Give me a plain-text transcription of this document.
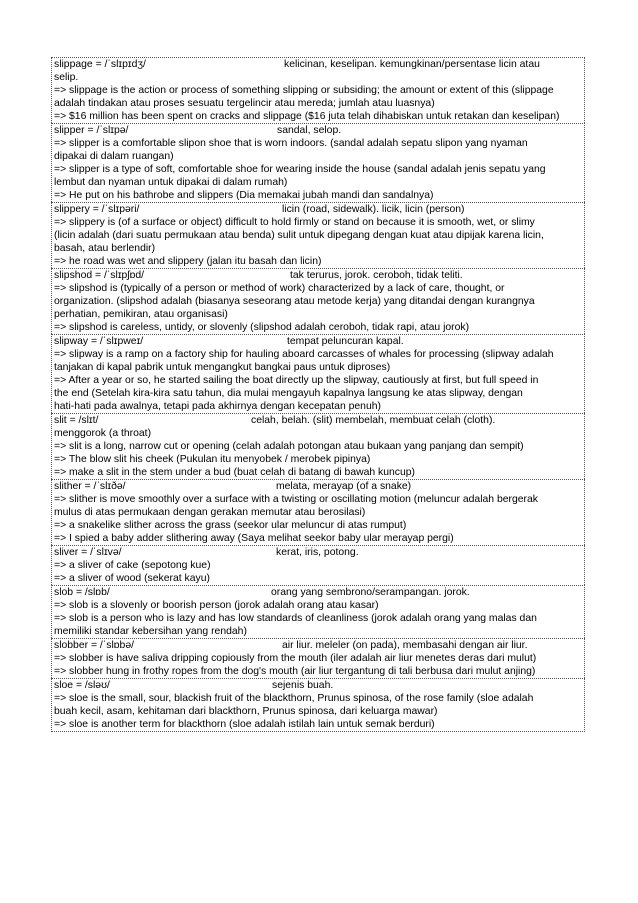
slippage = /ˈslɪpɪdʒ/	kelicinan, keselipan. kemungkinan/persentase licin atau
selip.
=> slippage is the action or process of something slipping or subsiding; the amount or extent of this (slippage
adalah tindakan atau proses sesuatu tergelincir atau mereda; jumlah atau luasnya)
=> $16 million has been spent on cracks and slippage ($16 juta telah dihabiskan untuk retakan dan keselipan)
slipper = /ˈslɪpə/	sandal, selop.
=> slipper is a comfortable slipon shoe that is worn indoors. (sandal adalah sepatu slipon yang nyaman
dipakai di dalam ruangan)
=> slipper is a type of soft, comfortable shoe for wearing inside the house (sandal adalah jenis sepatu yang
lembut dan nyaman untuk dipakai di dalam rumah)
=> He put on his bathrobe and slippers (Dia memakai jubah mandi dan sandalnya)
slippery = /ˈslɪpəri/	licin (road, sidewalk). licik, licin (person)
=> slippery is (of a surface or object) difficult to hold firmly or stand on because it is smooth, wet, or slimy
(licin adalah (dari suatu permukaan atau benda) sulit untuk dipegang dengan kuat atau dipijak karena licin,
basah, atau berlendir)
=> he road was wet and slippery (jalan itu basah dan licin)
slipshod = /ˈslɪpʃɒd/	tak terurus, jorok. ceroboh, tidak teliti.
=> slipshod is (typically of a person or method of work) characterized by a lack of care, thought, or
organization. (slipshod adalah (biasanya seseorang atau metode kerja) yang ditandai dengan kurangnya
perhatian, pemikiran, atau organisasi)
=> slipshod is careless, untidy, or slovenly (slipshod adalah ceroboh, tidak rapi, atau jorok)
slipway = /ˈslɪpweɪ/	tempat peluncuran kapal.
=> slipway is a ramp on a factory ship for hauling aboard carcasses of whales for processing (slipway adalah
tanjakan di kapal pabrik untuk mengangkut bangkai paus untuk diproses)
=> After a year or so, he started sailing the boat directly up the slipway, cautiously at first, but full speed in
the end (Setelah kira-kira satu tahun, dia mulai mengayuh kapalnya langsung ke atas slipway, dengan
hati-hati pada awalnya, tetapi pada akhirnya dengan kecepatan penuh)
slit = /slɪt/	celah, belah. (slit) membelah, membuat celah (cloth).
menggorok (a throat)
=> slit is a long, narrow cut or opening (celah adalah potongan atau bukaan yang panjang dan sempit)
=> The blow slit his cheek (Pukulan itu menyobek / merobek pipinya)
=> make a slit in the stem under a bud (buat celah di batang di bawah kuncup)
slither = /ˈslɪðə/	melata, merayap (of a snake)
=> slither is move smoothly over a surface with a twisting or oscillating motion (meluncur adalah bergerak
mulus di atas permukaan dengan gerakan memutar atau berosilasi)
=> a snakelike slither across the grass (seekor ular meluncur di atas rumput)
=> I spied a baby adder slithering away (Saya melihat seekor baby ular merayap pergi)
sliver = /ˈslɪvə/	kerat, iris, potong.
=> a sliver of cake (sepotong kue)
=> a sliver of wood (sekerat kayu)
slob = /slɒb/	orang yang sembrono/serampangan. jorok.
=> slob is a slovenly or boorish person (jorok adalah orang atau kasar)
=> slob is a person who is lazy and has low standards of cleanliness (jorok adalah orang yang malas dan
memiliki standar kebersihan yang rendah)
slobber = /ˈslɒbə/	air liur. meleler (on pada), membasahi dengan air liur.
=> slobber is have saliva dripping copiously from the mouth (iler adalah air liur menetes deras dari mulut)
=> slobber hung in frothy ropes from the dog's mouth (air liur tergantung di tali berbusa dari mulut anjing)
sloe = /sləʊ/	sejenis buah.
=> sloe is the small, sour, blackish fruit of the blackthorn, Prunus spinosa, of the rose family (sloe adalah
buah kecil, asam, kehitaman dari blackthorn, Prunus spinosa, dari keluarga mawar)
=> sloe is another term for blackthorn (sloe adalah istilah lain untuk semak berduri)
